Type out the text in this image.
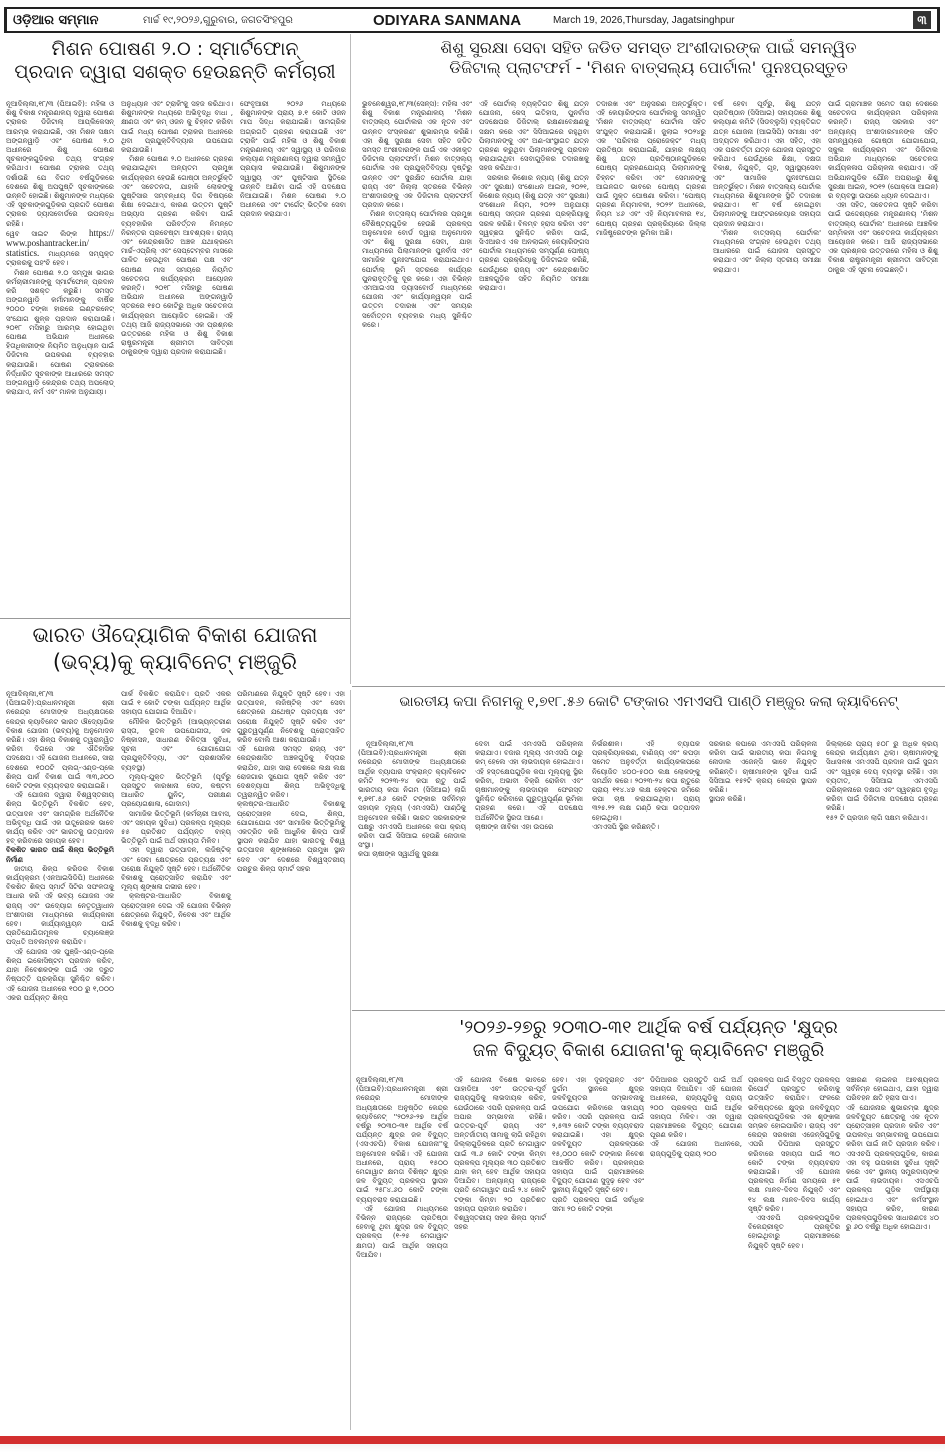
ଓଡ଼ିଆର ସମ୍ମାନ	ମାର୍ଚ୍ଚ ୧୯,୨୦୨୬,ଗୁରୁବାର, ଜଗତସିଂହପୁର	ODIYARA SANMANA	March 19, 2026,Thursday, Jagatsinghpur	୩
ମିଶନ ପୋଷଣ ୨.୦ : ସ୍ମାର୍ଟଫୋନ୍
ପ୍ରଦାନ ଦ୍ୱାରା ସଶକ୍ତ ହେଉଛନ୍ତି କର୍ମଚାରୀ

ନୂଆଦିଲ୍ଲୀ,୧୮/୩ (ପିଆଇବି): ମହିଳା ଓ ଶିଶୁ ବିକାଶ ମନ୍ତ୍ରଣାଳୟ ଦ୍ୱାରା ପୋଷଣ ଟ୍ରାକର ଡିଜିଟାଲ୍ ଆପ୍ଲିକେସନ୍ ଆରମ୍ଭ କରାଯାଇଛି, ଏହା ମିଶନ ସକ୍ଷମ ଅଙ୍ଗନୱାଡ଼ି ଏବଂ ପୋଷଣ ୨.୦ ଅଧୀନରେ ଶିଶୁ ପୋଷଣ ସୂଚକାଙ୍କଗୁଡ଼ିକର ତଥ୍ୟ ସଂଗ୍ରହ କରିଥାଏ। ପୋଷଣ ଟ୍ରାକର ତଥ୍ୟ ଦର୍ଶାଉଛି ଯେ ବିଗତ ବର୍ଷଗୁଡ଼ିକରେ ଦେଶରେ ଶିଶୁ ଅପପୁଷ୍ଟି ସୂଚକାଙ୍କରେ ଉନ୍ନତି ହୋଇଛି। ଶିଶୁମାନଙ୍କ ମଧ୍ୟରେ ଏହି ସୂଚକାଙ୍କଗୁଡ଼ିକର ପ୍ରଗତି ପୋଷଣ ଟ୍ରାକର ଡ୍ୟାସବୋର୍ଡରେ ଉପଲବ୍ଧ ରହିଛି।

ୱେବ ସାଇଟ ଲିଙ୍କ https:// www.poshantracker.in/ statistics. ମାଧ୍ୟମରେ ସମ୍ପୃକ୍ତ ଟ୍ରାକରକୁ ପହଂଚି ହେବ।

ମିଶନ ପୋଷଣ ୨.୦ ସମ୍ମୁଖ ଭାଗର କର୍ମଚାରୀମାନଙ୍କୁ ସ୍ମାର୍ଟଫୋନ୍ ପ୍ରଦାନ କରି ସଶକ୍ତ କରୁଛି। ସମସ୍ତ ଅଙ୍ଗନୱାଡ଼ି କର୍ମୀମାନଙ୍କୁ ବାର୍ଷିକ ୨୦୦୦ ଟଙ୍କା ହାରରେ ଇଣ୍ଟରନେଟ୍ ସଂଯୋଗ ଶୁଳ୍କ ପ୍ରଦାନ କରାଯାଉଛି। ୨୦୧୮ ମସିହାରୁ ଆରମ୍ଭ ହୋଇଥିବା ପୋଷଣ ଅଭିଯାନ ଅଧୀନରେ ହିତାଧିକାରୀଙ୍କ ନିୟମିତ ଅନୁଧ୍ୟାନ ପାଇଁ ଡିଜିଟାଲ ଉପକରଣ ବ୍ୟବହାର କରାଯାଉଛି। ପୋଷଣ ଟ୍ରାକରରେ ନିର୍ଦ୍ଧାରିତ ସୂଚକାଙ୍କ ଆଧାରରେ ସମସ୍ତ ଅଙ୍ଗନୱାଡ଼ି କେନ୍ଦ୍ରର ତଥ୍ୟ ଅପଲୋଡ୍ କରାଯାଏ, ନର୍ମ ଏବଂ ମାନକ ଅନୁଯାୟୀ।

ଅନୁଧ୍ୟାନ ଏବଂ ଟ୍ରାକିଂକୁ ସହଜ କରିଥାଏ। ଶିଶୁମାନଙ୍କ ମଧ୍ୟରେ ଅଭିବୃଦ୍ଧି ବାଧା , କ୍ଷୀଣତା ଏବଂ କମ୍ ଓଜନ କୁ ଚିହ୍ନଟ କରିବା ପାଇଁ ମଧ୍ୟ ପୋଷଣ ଟ୍ରାକର ଅଧୀନରେ ଥିବା ପ୍ରଯୁକ୍ତିବିଦ୍ୟାର ଉପଯୋଗ କରାଯାଉଛି।

ମିଶନ ପୋଷଣ ୨.୦ ଅଧୀନରେ ଗ୍ରହଣ କରାଯାଇଥିବା ଅନ୍ୟତମ ପ୍ରମୁଖ କାର୍ଯ୍ୟକ୍ରମ ହେଉଛି ଗୋଷ୍ଠୀ ଅନ୍ତର୍ଭୁକ୍ତି ଏବଂ ସଚେତନତା, ଯାହାକି ଲୋକଙ୍କୁ ପୁଷ୍ଟିସାର ସମ୍ବନ୍ଧୀୟ ଦିଗ ବିଷୟରେ ଶିକ୍ଷା ଦେଇଥାଏ, କାରଣ ଉତ୍ତମ ପୁଷ୍ଟି ଅଭ୍ୟାସ ଗ୍ରହଣ କରିବା ପାଇଁ ବ୍ୟବହାରିକ ପରିବର୍ତ୍ତନ ନିମନ୍ତେ ନିରନ୍ତର ପ୍ରଚେଷ୍ଟା ଆବଶ୍ୟକ। ରାଜ୍ୟ ଏବଂ କେନ୍ଦ୍ରଶାସିତ ଅଞ୍ଚଳ ଯଥାକ୍ରମେ ମାର୍ଚ୍ଚ-ଏପ୍ରିଲ୍ ଏବଂ ସେପ୍ଟେମ୍ବର ମାସରେ ପାଳିତ ହେଉଥିବା ପୋଷଣ ପକ୍ଷ ଏବଂ ପୋଷଣ ମାସ ସମୟରେ ନିୟମିତ ସଚେତନତା କାର୍ଯ୍ୟକ୍ରମ ଆୟୋଜନ କରନ୍ତି। ୨୦୧୮ ମସିହାରୁ ପୋଷଣ ଅଭିଯାନ ଅଧୀନରେ ଅଙ୍ଗନୱାଡ଼ି ସ୍ତରରେ ୧୫୦ କୋଟିରୁ ଅଧିକ ସଚେତନତା କାର୍ଯ୍ୟକ୍ରମ ଆୟୋଜିତ ହୋଇଛି। ଏହି ତଥ୍ୟ ଆଜି ରାଜ୍ୟସଭାରେ ଏକ ପ୍ରଶ୍ନର ଉତ୍ତରରେ ମହିଳା ଓ ଶିଶୁ ବିକାଶ ରାଷ୍ଟ୍ରମନ୍ତ୍ରୀ ଶ୍ରୀମତୀ ସାବିତ୍ରୀ ଠାକୁରଙ୍କ ଦ୍ୱାରା ପ୍ରଦାନ କରାଯାଇଛି।

ଫେବୃଆରୀ ୨୦୨୬ ମଧ୍ୟରେ ଶିଶୁମାନଙ୍କ ପ୍ରାୟ ୭.୧ କୋଟି ଓଜନ ମାପ ସିଦ୍ଧ କରାଯାଇଛି। ସାମଗ୍ରିକ ଅଗ୍ରଗତି ଗ୍ରହଣ କରାଯାଇଛି ଏବଂ ଟ୍ରାକିଂ ପାଇଁ ମହିଳା ଓ ଶିଶୁ ବିକାଶ ମନ୍ତ୍ରଣାଳୟ ଏବଂ ସ୍ୱାସ୍ଥ୍ୟ ଓ ପରିବାର କଲ୍ୟାଣ ମନ୍ତ୍ରଣାଳୟ ଦ୍ୱାରା ସମନ୍ୱିତ ପ୍ରୟାସ କରାଯାଉଛି। ଶିଶୁମାନଙ୍କ ସ୍ୱାସ୍ଥ୍ୟ ଏବଂ ପୁଷ୍ଟିସାର ସ୍ଥିତିରେ ଉନ୍ନତି ଆଣିବା ପାଇଁ ଏହି ପଦକ୍ଷେପ ନିଆଯାଇଛି। ମିଶନ ପୋଷଣ ୨.୦ ଅଧୀନରେ ଏବଂ ଟାର୍ଗେଟ୍ ଭିତ୍ତିକ ସେବା ପ୍ରଦାନ କରାଯାଏ।

ଶିଶୁ ସୁରକ୍ଷା ସେବା ସହିତ ଜଡିତ ସମସ୍ତ ଅଂଶୀଦାରଙ୍କ ପାଇଁ ସମନ୍ୱିତ
ଡିଜିଟାଲ୍ ପ୍ଲାଟଫର୍ମ - 'ମିଶନ ବାତ୍ସଲ୍ୟ ପୋର୍ଟାଲ' ପୁନଃପ୍ରସ୍ତୁତ

ଭୁବନେଶ୍ୱର,୧୮/୩(ସେନ୍ସ): ମହିଳା ଏବଂ ଶିଶୁ ବିକାଶ ମନ୍ତ୍ରଣାଳୟ 'ମିଶନ ବାତ୍ସଲ୍ୟ ପୋର୍ଟାଲର ଏକ ନୂତନ ଏବଂ ଉନ୍ନତ ସଂସ୍କରଣ' ଶୁଭାରମ୍ଭ କରିଛି। ଏହା ଶିଶୁ ସୁରକ୍ଷା ସେବା ସହିତ ଜଡିତ ସମସ୍ତ ଅଂଶୀଦାରଙ୍କ ପାଇଁ ଏକ ଏକୀକୃତ ଡିଜିଟାଲ ପ୍ଲାଟଫର୍ମ। ମିଶନ ବାତ୍ସଲ୍ୟ ପୋର୍ଟାଲ ଏକ ପ୍ରଯୁକ୍ତିବିଦ୍ୟା ଦୃଷ୍ଟିରୁ ଉନ୍ନତ ଏବଂ ସୁରକ୍ଷିତ ପୋର୍ଟାଲ ଯାହା ରାଜ୍ୟ ଏବଂ ଜିଲ୍ଲା ସ୍ତରରେ ବିଭିନ୍ନ ଅଂଶୀଦାରଙ୍କୁ ଏକ ଡିଜିଟାଲ ପ୍ଲାଟଫର୍ମ ପ୍ରଦାନ କରେ।

ମିଶନ ବାତ୍ସଲ୍ୟ ପୋର୍ଟାଲର ପ୍ରମୁଖ ବୈଶିଷ୍ଟ୍ୟଗୁଡ଼ିକ ହେଉଛି ପ୍ରକଳ୍ପ ଅନୁମୋଦନ ବୋର୍ଡ ଦ୍ୱାରା ଅନୁମୋଦନ ଏବଂ ଶିଶୁ ସୁରକ୍ଷା ସେବା, ଯାହା ମାଧ୍ୟମରେ ପିଲାମାନଙ୍କ ପୁନର୍ବାସ ଏବଂ ସାମାଜିକ ପୁନଃସଂଯୋଗ କରାଯାଇଥାଏ। ପୋର୍ଟାଲ୍ ଭୂମି ସ୍ତରରେ କାର୍ଯ୍ୟର ପୁନରାବୃତ୍ତିକୁ ଦୂର କରେ। ଏହା ବିଭିନ୍ନ ଏମଆଇଏସ ଡ୍ୟାସବୋର୍ଡ ମାଧ୍ୟମରେ ଯୋଜନା ଏବଂ କାର୍ଯ୍ୟାନ୍ୱୟନ ପାଇଁ ଉତ୍ତମ ତଦାରଖ ଏବଂ ସମୟର ସର୍ବୋତ୍ତମ ବ୍ୟବହାର ମଧ୍ୟ ସୁନିଶ୍ଚିତ କରେ।

ଏହି ପୋର୍ଟାଲ୍ ବ୍ୟକ୍ତିଗତ ଶିଶୁ ଯତ୍ନ ଯୋଜନା, କେସ୍ ଇତିହାସ, ପୁନର୍ବାସ ପଦକ୍ଷେପର ଡିଜିଟାଲ୍ ରକ୍ଷଣାବେକ୍ଷଣକୁ ସକ୍ଷମ କରେ ଏବଂ ସିସିଆଇରେ ରହୁଥିବା ପିଲାମାନଙ୍କୁ ଏବଂ ଅଣ-ସାଂସ୍ଥାଗତ ଯତ୍ନ ଗ୍ରହଣ କରୁଥିବା ପିଲାମାନଙ୍କୁ ପ୍ରଦାନ କରାଯାଇଥିବା ସେବାଗୁଡ଼ିକର ତଦାରଖକୁ ସହଜ କରିଥାଏ।

ସରକାର କିଶୋର ନ୍ୟାୟ (ଶିଶୁ ଯତ୍ନ ଏବଂ ସୁରକ୍ଷା) ସଂଶୋଧନ ଆଇନ, ୨୦୨୧, କିଶୋର ନ୍ୟାୟ (ଶିଶୁ ଯତ୍ନ ଏବଂ ସୁରକ୍ଷା) ସଂଶୋଧନ ନିୟମ, ୨୦୨୨ ଅନୁଯାୟୀ ପୋଷ୍ୟ ସନ୍ତାନ ଗ୍ରହଣ ପ୍ରକ୍ରିୟାକୁ ସରଳ କରିଛି। ବିଳମ୍ବ ହ୍ରାସ କରିବା ଏବଂ ସ୍ୱଚ୍ଛତା ସୁନିଶ୍ଚିତ କରିବା ପାଇଁ, ସିଏଆରଏ ଏକ ଅନଲାଇନ୍ କେୟାରିଙ୍ଗସ ପୋର୍ଟାଲ ମାଧ୍ୟମରେ ସମ୍ପୂର୍ଣ୍ଣ ପୋଷ୍ୟ ଗ୍ରହଣ ପ୍ରକ୍ରିୟାକୁ ଡିଜିଟାଇଜ କରିଛି, ଯେଉଁଥିରେ ରାଜ୍ୟ ଏବଂ କେନ୍ଦ୍ରଶାସିତ ଅଞ୍ଚଳଗୁଡ଼ିକ ସହିତ ନିୟମିତ ସମୀକ୍ଷା କରାଯାଏ।

ତଦାରଖ ଏବଂ ଅନୁସରଣ ଅନ୍ତର୍ଭୁକ୍ତ। ଏହି କେୟାରିଙ୍ଗସ ପୋର୍ଟାଲକୁ ସମନ୍ୱିତ 'ମିଶନ ବାତ୍ସଲ୍ୟ' ପୋର୍ଟାଲ ସହିତ ସଂଯୁକ୍ତ କରାଯାଇଛି। ଜୁଲାଇ ୨୦୨୪ରୁ ଏକ 'ପରିବାର ପ୍ରୋଜେକ୍ଟ' ମଧ୍ୟ ପ୍ରତିଷ୍ଠା କରାଯାଇଛି, ଯାହାର ଲକ୍ଷ୍ୟ ଶିଶୁ ଯତ୍ନ ପ୍ରତିଷ୍ଠାନଗୁଡ଼ିକରେ ପୋଷ୍ୟ ଗ୍ରହଣଯୋଗ୍ୟ ପିଲାମାନଙ୍କୁ ଚିହ୍ନଟ କରିବା ଏବଂ ସେମାନଙ୍କୁ ଆଇନଗତ ଭାବରେ ପୋଷ୍ୟ ଗ୍ରହଣ ପାଇଁ ମୁକ୍ତ ଘୋଷଣା କରିବା। 'ପୋଷ୍ୟ ଗ୍ରହଣ ନିୟମାବଳୀ, ୨୦୨୨' ଅଧୀନରେ, ନିୟମ ୪୬ ଏବଂ ଏହି ନିୟମାବଳୀର ୧୪, ପୋଷ୍ୟ ଗ୍ରହଣ ପ୍ରକ୍ରିୟାରେ ଜିଲ୍ଲା ମାଜିଷ୍ଟ୍ରେଟଙ୍କ ଭୂମିକା ଅଛି।

ବର୍ଷ ହେବା ପୂର୍ବରୁ, ଶିଶୁ ଯତ୍ନ ପ୍ରତିଷ୍ଠାନ (ସିସିଆଇ) ସହାୟତାରେ ଶିଶୁ କଲ୍ୟାଣ କମିଟି (ସିଡବ୍ଲୁସି) ବ୍ୟକ୍ତିଗତ ଯତ୍ନ ଯୋଜନା (ଆଇସିପି) ସମୀକ୍ଷା ଏବଂ ଅଦ୍ୟତନ କରିଥାଏ। ଏହା ସହିତ, ଏହା ଏକ ପରବର୍ତ୍ତୀ ଯତ୍ନ ଯୋଜନା ପ୍ରସ୍ତୁତ କରିଥାଏ ଯେଉଁଥିରେ ଶିକ୍ଷା, ଦକ୍ଷତା ବିକାଶ, ନିଯୁକ୍ତି, ଗୃହ, ସ୍ୱାସ୍ଥ୍ୟସେବା ଏବଂ ସାମାଜିକ ପୁନଃସଂଯୋଗ ଅନ୍ତର୍ଭୁକ୍ତ। ମିଶନ ବାତ୍ସଲ୍ୟ ପୋର୍ଟାଲ ମାଧ୍ୟମରେ ଶିଶୁମାନଙ୍କ ସ୍ଥିତି ତଦାରଖ କରାଯାଏ। ୧୮ ବର୍ଷ ହୋଇଥିବା ପିଲାମାନଙ୍କୁ ଆଫ୍ଟରକେୟାର ସହାୟତା ପ୍ରଦାନ କରାଯାଏ।

'ମିଶନ ବାତ୍ସଲ୍ୟ ପୋର୍ଟାଲ' ମାଧ୍ୟମରେ ସଂଗ୍ରହ ହେଉଥିବା ତଥ୍ୟ ଆଧାରରେ ପାଇଁ ଯୋଜନା ପ୍ରସ୍ତୁତ କରାଯାଏ ଏବଂ ଜିଲ୍ଲା ସ୍ତରୀୟ ସମୀକ୍ଷା କରାଯାଏ।

ପାଇଁ ଗ୍ରାମାଞ୍ଚଳ ସମେତ ସାରା ଦେଶରେ ସଚେତନତା କାର୍ଯ୍ୟକ୍ରମ ପରିଚାଳନା କରନ୍ତି। ରାଜ୍ୟ ସରକାର ଏବଂ ଅନ୍ୟାନ୍ୟ ଅଂଶୀଦାରମାନଙ୍କ ସହିତ ସମନ୍ୱୟରେ ଗୋଷ୍ଠୀ ଯୋଗାଯୋଗ, ସ୍କୁଲ କାର୍ଯ୍ୟକ୍ରମ ଏବଂ ଡିଜିଟାଲ ଅଭିଯାନ ମାଧ୍ୟମରେ ସଚେତନତା କାର୍ଯ୍ୟକଳାପ ପରିଚାଳନା କରାଯାଏ। ଏହି ଅଭିଯାନଗୁଡ଼ିକ ଯୌନ ଅପରାଧରୁ ଶିଶୁ ସୁରକ୍ଷା ଆଇନ, ୨୦୧୨ (ପୋକ୍ସୋ ଆଇନ) ର ବ୍ୟବସ୍ଥା ଉପରେ ଧ୍ୟାନ ଦେଇଥାଏ।

ଏହା ସହିତ, ସଚେତନତା ସୃଷ୍ଟି କରିବା ପାଇଁ ଉଦ୍ଦେଶ୍ୟରେ ମନ୍ତ୍ରଣାଳୟ 'ମିଶନ ବାତ୍ସଲ୍ୟ ପୋର୍ଟାଲ' ଅଧୀନରେ ଆଞ୍ଚଳିକ ସମ୍ମିଳନୀ ଏବଂ ସଚେତନତା କାର୍ଯ୍ୟକ୍ରମ ଆୟୋଜନ କରେ। ଆଜି ରାଜ୍ୟସଭାରେ ଏକ ପ୍ରଶ୍ନର ଉତ୍ତରରେ ମହିଳା ଓ ଶିଶୁ ବିକାଶ ରାଷ୍ଟ୍ରମନ୍ତ୍ରୀ ଶ୍ରୀମତୀ ସାବିତ୍ରୀ ଠାକୁର ଏହି ସୂଚନା ଦେଇଛନ୍ତି।

ଭାରତ ଔଦ୍ୟୋଗିକ ବିକାଶ ଯୋଜନା
(ଭବ୍ୟ)କୁ କ୍ୟାବିନେଟ୍ ମଞ୍ଜୁରି

ନୂଆଦିଲ୍ଲୀ,୧୮/୩ (ପିଆଇବି):ପ୍ରଧାନମନ୍ତ୍ରୀ ଶ୍ରୀ ନରେନ୍ଦ୍ର ମୋଦୀଙ୍କ ଅଧ୍ୟକ୍ଷତାରେ କେନ୍ଦ୍ର କ୍ୟାବିନେଟ ଭାରତ ଔଦ୍ୟୋଗିକ ବିକାଶ ଯୋଜନା (ଭବ୍ୟ)କୁ ଅନୁମୋଦନ କରିଛି। ଏହା ଶିଳ୍ପ ବିକାଶକୁ ତ୍ୱରାନ୍ୱିତ କରିବା ଦିଗରେ ଏକ ଐତିହାସିକ ପଦକ୍ଷେପ। ଏହି ଯୋଜନା ଅଧୀନରେ, ସାରା ଦେଶରେ ୧୦୦ଟି ପ୍ଲଗ୍-ଏଣ୍ଡ-ପ୍ଲେ ଶିଳ୍ପ ପାର୍କ ବିକାଶ ପାଇଁ ୩୩,୬୦୦ କୋଟି ଟଙ୍କା ବ୍ୟୟବରାଦ କରାଯାଇଛି।

ଏହି ଯୋଜନା ଦ୍ୱାରା ବିଶ୍ୱସ୍ତରୀୟ ଶିଳ୍ପ ଭିତ୍ତିଭୂମି ବିକଶିତ ହେବ, ଉତ୍ପାଦନ ଏବଂ ସାମଗ୍ରିକ ଅର୍ଥନୈତିକ ଅଭିବୃଦ୍ଧି ପାଇଁ ଏକ ଉତ୍ପ୍ରେରକ ଭାବେ କାର୍ଯ୍ୟ କରିବ ଏବଂ ଭାରତକୁ ଉତ୍ପାଦନ ହବ୍ କରିବାରେ ସହାୟକ ହେବ।

ବିକଶିତ ଭାରତ ପାଇଁ ଶିଳ୍ପ ଭିତ୍ତିଭୂମି ନିର୍ମାଣ

ଜାତୀୟ ଶିଳ୍ପ କରିଡର ବିକାଶ କାର୍ଯ୍ୟକ୍ରମ (ଏନଆଇସିଡିପି) ଅଧୀନରେ ବିକଶିତ ଶିଳ୍ପ ସ୍ମାର୍ଟ ସିଟିର ସଫଳତାକୁ ଆଧାର କରି ଏହି ଭବ୍ୟ ଯୋଜନା ଏକ ରାଜ୍ୟ ଏବଂ ଉଦ୍ୟୋଗ ନେତୃତ୍ୱାଧୀନ ଅଂଶୀଦାରୀ ମାଧ୍ୟମରେ କାର୍ଯ୍ୟକାରୀ ହେବ। କାର୍ଯ୍ୟାନ୍ୱୟନ ପାଇଁ ପ୍ରତିଯୋଗିତାମୂଳକ ଚ୍ୟାଲେଞ୍ଜ ପଦ୍ଧତି ଅବଲମ୍ବନ କରାଯିବ।

ଏହି ଯୋଜନା ଏକ ପୁଞ୍ଜି-ଏଣ୍ଡ-ପ୍ଲେ ଶିଳ୍ପ ଇକୋସିଷ୍ଟମ ପ୍ରଦାନ କରିବ, ଯାହା ନିବେଶକଙ୍କ ପାଇଁ ଏକ ଦ୍ରୁତ ନିଷ୍ପତ୍ତି ପ୍ରକ୍ରିୟା ସୁନିଶ୍ଚିତ କରିବ। ଏହି ଯୋଜନା ଅଧୀନରେ ୧୦୦ ରୁ ୧,୦୦୦ ଏକର ପର୍ଯ୍ୟନ୍ତ ଶିଳ୍ପ

ପାର୍କ ବିକଶିତ କରାଯିବ। ପ୍ରତି ଏକର ପାଇଁ ୧ କୋଟି ଟଙ୍କା ପର୍ଯ୍ୟନ୍ତ ଆର୍ଥିକ ସହାୟତା ଯୋଗାଇ ଦିଆଯିବ।

ମୌଳିକ ଭିତ୍ତିଭୂମି (ଆଭ୍ୟନ୍ତରୀଣ ରାସ୍ତା, ଭୂତଳ ଉପଯୋଗୀତା, ଜଳ ନିଷ୍କାସନ, ସାଧାରଣ ଚିକିତ୍ସା ସୁବିଧା, ସୂଚନା ଏବଂ ଯୋଗାଯୋଗ ପ୍ରଯୁକ୍ତିବିଦ୍ୟା, ଏବଂ ପ୍ରଶାସନିକ ବ୍ୟବସ୍ଥା)

ମୂଲ୍ୟ-ଯୁକ୍ତ ଭିତ୍ତିଭୂମି (ପୂର୍ବରୁ ପ୍ରସ୍ତୁତ କାରଖାନା ସେଡ, କଷ୍ଟମ ଆଧାରିତ ୟୁନିଟ୍, ପରୀକ୍ଷଣ ପ୍ରୟୋଗଶାଳା, ଗୋଦାମ)

ସାମାଜିକ ଭିତ୍ତିଭୂମି (କର୍ମଚାରୀ ଆବାସ, ଏବଂ ସହାୟକ ସୁବିଧା) ପ୍ରକଳ୍ପ ମୂଲ୍ୟର ୫୫ ପ୍ରତିଶତ ପର୍ଯ୍ୟନ୍ତ ବାହ୍ୟ ଭିତ୍ତିଭୂମି ପାଇଁ ଅର୍ଥ ସହାୟତା ମିଳିବ।

ଏହା ଦ୍ୱାରା ଉତ୍ପାଦନ, ଲଜିଷ୍ଟିକ୍ ଏବଂ ସେବା କ୍ଷେତ୍ରରେ ପ୍ରତ୍ୟକ୍ଷ ଏବଂ ପରୋକ୍ଷ ନିଯୁକ୍ତି ସୃଷ୍ଟି ହେବ। ଅର୍ଥନୈତିକ ବିକାଶକୁ ପ୍ରୋତ୍ସାହିତ କରାଯିବ ଏବଂ ମୂଲ୍ୟ ଶୃଙ୍ଖଳା ଗଭୀର ହେବ।

କ୍ଲଷ୍ଟର-ଆଧାରିତ ବିକାଶକୁ ପ୍ରୋତ୍ସାହନ ଦେଇ ଏହି ଯୋଜନା ବିଭିନ୍ନ କ୍ଷେତ୍ରରେ ନିଯୁକ୍ତି, ନିବେଶ ଏବଂ ଆର୍ଥିକ ବିକାଶକୁ ବୃଦ୍ଧି କରିବ।

ପରିମାଣରେ ନିଯୁକ୍ତି ସୃଷ୍ଟି ହେବ। ଏହା ଉତ୍ପାଦନ, ଲଜିଷ୍ଟିକ୍ ଏବଂ ସେବା କ୍ଷେତ୍ରରେ ଯଥେଷ୍ଟ ପ୍ରତ୍ୟକ୍ଷ ଏବଂ ପରୋକ୍ଷ ନିଯୁକ୍ତି ସୃଷ୍ଟି କରିବ ଏବଂ ଗୁରୁତ୍ୱପୂର୍ଣ୍ଣ ନିବେଶକୁ ପ୍ରୋତ୍ସାହିତ କରିବ ବୋଲି ଆଶା କରାଯାଉଛି।

ଏହି ଯୋଜନା ସମସ୍ତ ରାଜ୍ୟ ଏବଂ କେନ୍ଦ୍ରଶାସିତ ଅଞ୍ଚଳଗୁଡ଼ିକୁ ବିସ୍ତାର କରାଯିବ, ଯାହା ସାରା ଦେଶରେ ଲକ୍ଷ ଲକ୍ଷ ରୋଜଗାର ସୁଯୋଗ ସୃଷ୍ଟି କରିବ ଏବଂ ଦେଶବ୍ୟାପୀ ଶିଳ୍ପ ଅଭିବୃଦ୍ଧିକୁ ତ୍ୱରାନ୍ୱିତ କରିବ।

କ୍ଲଷ୍ଟର-ଆଧାରିତ ବିକାଶକୁ ପ୍ରୋତ୍ସାହନ ଦେଇ, ଶିଳ୍ପ, ଯୋଗାଯୋଗ ଏବଂ ସାମାଜିକ ଭିତ୍ତିଭୂମିକୁ ଏକତ୍ରିତ କରି ଆଧୁନିକ ଶିଳ୍ପ ପାର୍କ ସ୍ଥାପନ କରାଯିବ ଯାହା ଭାରତକୁ ବିଶ୍ୱ ଉତ୍ପାଦନ ଶୃଙ୍ଖଳାରେ ପ୍ରମୁଖ ସ୍ଥାନ ଦେବ ଏବଂ ଦେଶରେ ବିଶ୍ୱସ୍ତରୀୟ ପରଚୁର ଶିଳ୍ପ ସ୍ମାର୍ଟ ସହର

ଭାରତୀୟ କପା ନିଗମକୁ ୧,୭୧୮.୫୬ କୋଟି ଟଙ୍କାର ଏମଏସପି ପାଣ୍ଠି ମଞ୍ଜୁର କଲା କ୍ୟାବିନେଟ୍

ନୂଆଦିଲ୍ଲୀ,୧୮/୩ (ପିଆଇବି):ପ୍ରଧାନମନ୍ତ୍ରୀ ଶ୍ରୀ ନରେନ୍ଦ୍ର ମୋଦୀଙ୍କ ଅଧ୍ୟକ୍ଷତାରେ ଆର୍ଥିକ ବ୍ୟାପାର ସଂକ୍ରାନ୍ତ କ୍ୟାବିନେଟ କମିଟି ୨୦୨୩-୨୪ କପା ଋତୁ ପାଇଁ ଭାରତୀୟ କପା ନିଗମ (ସିସିଆଇ) ଲାଗି ୧,୭୧୮.୫୬ କୋଟି ଟଙ୍କାର ସର୍ବନିମ୍ନ ସହାୟକ ମୂଲ୍ୟ (ଏମଏସପି) ପାଣ୍ଠିକୁ ଅନୁମୋଦନ କରିଛି। ଭାରତ ସରକାରଙ୍କ ପକ୍ଷରୁ ଏମଏସପି ଅଧୀନରେ କପା କ୍ରୟ କରିବା ପାଇଁ ସିସିଆଇ ହେଉଛି ନୋଡାଲ ସଂସ୍ଥା।

କପା ଚାଷୀଙ୍କ ସ୍ୱାର୍ଥକୁ ସୁରକ୍ଷା

ଦେବା ପାଇଁ ଏମଏସପି ପରିଚାଳନା କରାଯାଏ। ବଜାର ମୂଲ୍ୟ ଏମଏସପି ଠାରୁ କମ୍ ହେଲେ ଏହା ଲାଭଦାୟକ ହୋଇଥାଏ। ଏହି ହସ୍ତକ୍ଷେପଗୁଡ଼ିକ କପା ମୂଲ୍ୟକୁ ସ୍ଥିର କରିବା, ଅଭାବୀ ବିକ୍ରି ରୋକିବା ଏବଂ ଚାଷୀମାନଙ୍କୁ ଲାଭଦାୟକ ଫେରସ୍ତ ସୁନିଶ୍ଚିତ କରିବାରେ ଗୁରୁତ୍ୱପୂର୍ଣ୍ଣ ଭୂମିକା ଗ୍ରହଣ କରେ। ଏହି ପଦକ୍ଷେପ ଅର୍ଥନୈତିକ ସ୍ଥିରତା ଆଣେ।

ଚାଷୀଙ୍କ ଜୀବିକା ଏହା ଉପରେ

ନିର୍ଭରଶୀଳ। ଏହି ବ୍ୟାପକ ପ୍ରକ୍ରିୟାକରଣ, ବାଣିଜ୍ୟ ଏବଂ କପଡ଼ା ସମେତ ଅନୁବର୍ତ୍ତୀ କାର୍ଯ୍ୟକଳାପରେ ନିୟୋଜିତ ୪୦୦-୫୦୦ ଲକ୍ଷ ଲୋକଙ୍କୁ ସମର୍ଥନ କରେ। ୨୦୨୩-୨୪ କପା ଋତୁରେ ପ୍ରାୟ ୧୧୪.୪୭ ଲକ୍ଷ ହେକ୍ଟର ଜମିରେ କପା ଚାଷ କରାଯାଇଥିଲା। ପ୍ରାୟ ୩୨୫.୨୨ ଲକ୍ଷ ଗଣ୍ଠି କପା ଉତ୍ପାଦନ ହୋଇଥିଲା।

ଏମଏସପି ସ୍ଥିର କରିଛନ୍ତି।

ସରକାର କପାରେ ଏମଏସପି ପରିଚାଳନା କରିବା ପାଇଁ ଭାରତୀୟ କପା ନିଗମକୁ ନୋଡାଲ ଏଜେନ୍ସି ଭାବେ ନିଯୁକ୍ତ କରିଛନ୍ତି। ଚାଷୀମାନଙ୍କ ସୁବିଧା ପାଇଁ ସିସିଆଇ ୧୫୨ଟି କ୍ରୟ କେନ୍ଦ୍ର ସ୍ଥାପନ କରିଛି।

ସ୍ଥାପନ କରିଛି।

ଜିଲ୍ଲାରେ ପ୍ରାୟ ୫୦୮ ରୁ ଅଧିକ କ୍ରୟ କେନ୍ଦ୍ର କାର୍ଯ୍ୟକ୍ଷମ ଥିଲା। ଚାଷୀମାନଙ୍କୁ ସିଧାସଳଖ ଏମଏସପି ପ୍ରଦାନ ପାଇଁ ସୁଗମ ଏବଂ ସ୍ୱଚ୍ଛ ଦେୟ ବ୍ୟବସ୍ଥା ରହିଛି। ଏହା ବ୍ୟତୀତ, ସିସିଆଇ ଏମଏସପି ପରିଚାଳନାରେ ଦକ୍ଷତା ଏବଂ ସ୍ୱଚ୍ଛତା ବୃଦ୍ଧି କରିବା ପାଇଁ ଡିଜିଟାଲ ପଦକ୍ଷେପ ଗ୍ରହଣ କରିଛି।

୧୫୨ ଟି ପ୍ରଦାନ ଲାଗି ସକ୍ଷମ କରିଥାଏ।

'୨୦୨୬-୨୭ରୁ ୨୦୩୦-୩୧ ଆର୍ଥିକ ବର୍ଷ ପର୍ଯ୍ୟନ୍ତ 'କ୍ଷୁଦ୍ର
ଜଳ ବିଦ୍ୟୁତ୍ ବିକାଶ ଯୋଜନା'କୁ କ୍ୟାବିନେଟ ମଞ୍ଜୁରି

ନୂଆଦିଲ୍ଲୀ,୧୮/୩ (ପିଆଇବି):ପ୍ରଧାନମନ୍ତ୍ରୀ ଶ୍ରୀ ନରେନ୍ଦ୍ର ମୋଦୀଙ୍କ ଅଧ୍ୟକ୍ଷତାରେ ଅନୁଷ୍ଠିତ କେନ୍ଦ୍ର କ୍ୟାବିନେଟ୍ ''୨୦୨୬-୨୭ ଆର୍ଥିକ ବର୍ଷରୁ ୨୦୩୦-୩୧ ଆର୍ଥିକ ବର୍ଷ ପର୍ଯ୍ୟନ୍ତ କ୍ଷୁଦ୍ର ଜଳ ବିଦ୍ୟୁତ୍ (ଏସଏଚପି) ବିକାଶ ଯୋଜନା''କୁ ଅନୁମୋଦନ କରିଛି। ଏହି ଯୋଜନା ଅଧୀନରେ, ପ୍ରାୟ ୧୫୦୦ ମେଗାୱାଟ କ୍ଷମତା ବିଶିଷ୍ଟ କ୍ଷୁଦ୍ର ଜଳ ବିଦ୍ୟୁତ୍ ପ୍ରକଳ୍ପ ସ୍ଥାପନ ପାଇଁ ୨୫୮୪.୬୦ କୋଟି ଟଙ୍କା ବ୍ୟୟବରାଦ କରାଯାଇଛି।

ଏହି ଯୋଜନା ମାଧ୍ୟମରେ ବିଭିନ୍ନ ରାଜ୍ୟରେ ପ୍ରତିଷ୍ଠା ହେବାକୁ ଥିବା କ୍ଷୁଦ୍ର ଜଳ ବିଦ୍ୟୁତ୍ ପ୍ରକଳ୍ପ (୧-୨୫ ମେଗାୱାଟ କ୍ଷମତା) ପାଇଁ ଆର୍ଥିକ ସହାୟତା ଦିଆଯିବ।

ଏହି ଯୋଜନା ବିଶେଷ ଭାବରେ ପାହାଡିଆ ଏବଂ ଉତ୍ତର-ପୂର୍ବ ରାଜ୍ୟଗୁଡ଼ିକୁ ଲାଭଦାୟକ କରିବ, ଯେଉଁଠାରେ ଏପରି ପ୍ରକଳ୍ପ ପାଇଁ ଅପାର ସମ୍ଭାବନା ରହିଛି। ଉତ୍ତର-ପୂର୍ବ ରାଜ୍ୟ ଏବଂ ଅନ୍ତର୍ଜାତୀୟ ସୀମାକୁ ଲାଗି ରହିଥିବା ଜିଲ୍ଲାଗୁଡ଼ିକରେ ପ୍ରତି ମେଗାୱାଟ ପାଇଁ ୩.୬ କୋଟି ଟଙ୍କା କିମ୍ବା ପ୍ରକଳ୍ପ ମୂଲ୍ୟର ୩୦ ପ୍ରତିଶତ ଯାହା କମ୍ ହେବ ଆର୍ଥିକ ସହାୟତା ଦିଆଯିବ। ଅନ୍ୟାନ୍ୟ ରାଜ୍ୟରେ ପ୍ରତି ମେଗାୱାଟ ପାଇଁ ୨.୪ କୋଟି ଟଙ୍କା କିମ୍ବା ୨୦ ପ୍ରତିଶତ ସହାୟତା ପ୍ରଦାନ କରାଯିବ।

ବିଶ୍ୱସ୍ତରୀୟ ସହଜ ଶିଳ୍ପ ସ୍ମାର୍ଟ ସହର

ହେବ। ଏହା ଦୂରଦୂରାନ୍ତ ଏବଂ ଦୁର୍ଗମ ସ୍ଥାନରେ କ୍ଷୁଦ୍ର ଜଳବିଦ୍ୟୁତର ସମ୍ଭାବନାକୁ ଉପଯୋଗ କରିବାରେ ସାହାଯ୍ୟ କରିବ। ଏପରି ପ୍ରକଳ୍ପ ପାଇଁ ୨,୫୩୨ କୋଟି ଟଙ୍କା ବ୍ୟୟବରାଦ କରାଯାଇଛି। ଏହା କ୍ଷୁଦ୍ର ଜଳବିଦ୍ୟୁତ ପ୍ରକଳ୍ପରେ ୧୫,୦୦୦ କୋଟି ଟଙ୍କାର ନିବେଶ ଆକର୍ଷିତ କରିବ। ପ୍ରକଳ୍ପର ସହାୟତା ପାଇଁ ଗ୍ରାମାଞ୍ଚଳରେ ବିଦ୍ୟୁତ୍ ଯୋଗାଣ ସୁଦୃଢ଼ ହେବ ଏବଂ ସ୍ଥାନୀୟ ନିଯୁକ୍ତି ସୃଷ୍ଟି ହେବ।

ପ୍ରତି ପ୍ରକଳ୍ପ ପାଇଁ ସର୍ବାଧିକ ସୀମା ୨୦ କୋଟି ଟଙ୍କା

ଡିପିଆରର ପ୍ରସ୍ତୁତି ପାଇଁ ଅର୍ଥ ସହାୟତା ଦିଆଯିବ। ଏହି ଯୋଜନା ଅଧୀନରେ, ରାଜ୍ୟଗୁଡ଼ିକୁ ପ୍ରାୟ ୨୦୦ ପ୍ରକଳ୍ପ ପାଇଁ ଆର୍ଥିକ ସହାୟତା ମିଳିବ। ଏହା ଦ୍ୱାରା ଗ୍ରାମାଞ୍ଚଳରେ ବିଦ୍ୟୁତ୍ ଯୋଗାଣ ପୂରଣ କରିବ।

ଏହି ଯୋଜନା ଅଧୀନରେ, ରାଜ୍ୟଗୁଡ଼ିକୁ ପ୍ରାୟ ୨୦୦

ପ୍ରକଳ୍ପ ପାଇଁ ବିସ୍ତୃତ ପ୍ରକଳ୍ପ ରିପୋର୍ଟ ପ୍ରସ୍ତୁତ କରିବାକୁ ଉତ୍ସାହିତ କରାଯିବ। ଫଳରେ ଭବିଷ୍ୟତରେ କ୍ଷୁଦ୍ର ଜଳବିଦ୍ୟୁତ ପ୍ରକଳ୍ପଗୁଡ଼ିକର ଏକ ଶୃଙ୍ଖଳା ସମ୍ଭବ ହୋଇପାରିବ। ରାଜ୍ୟ ଏବଂ କେନ୍ଦ୍ର ସରକାରୀ ଏଜେନ୍ସିଗୁଡ଼ିକୁ ଏପରି ଡିପିଆର ପ୍ରସ୍ତୁତ କରିବାରେ ସହାୟତା ପାଇଁ ୩୦ କୋଟି ଟଙ୍କା ବ୍ୟୟବରାଦ କରାଯାଇଛି। ଏହି ଯୋଜନା ପ୍ରକଳ୍ପ ନିର୍ମାଣ ସମୟରେ ୫୧ ଲକ୍ଷ ମାନବ-ଦିବସ ନିଯୁକ୍ତି ଏବଂ ୧୪ ଲକ୍ଷ ମାନବ-ଦିବସ କାର୍ଯ୍ୟ ସୃଷ୍ଟି କରିବ।

ଏସଏଚପି ପ୍ରକଳ୍ପଗୁଡ଼ିକ ବିକେନ୍ଦ୍ରୀକୃତ ପ୍ରକୃତିର ହୋଇଥିବାରୁ ଗ୍ରାମାଞ୍ଚଳରେ ନିଯୁକ୍ତି ସୃଷ୍ଟି ହେବ।

ସଞ୍ଚାରଣ ଲାଇନର ଆବଶ୍ୟକତା ସର୍ବନିମ୍ନ ହୋଇଥାଏ, ଯାହା ଦ୍ୱାରା ପରିବହନ କ୍ଷତି ହ୍ରାସ ପାଏ।

ଏହି ଯୋଜନାର ଶୁଭାରମ୍ଭ କ୍ଷୁଦ୍ର ଜଳବିଦ୍ୟୁତ କ୍ଷେତ୍ରକୁ ଏକ ନୂତନ ପ୍ରୋତ୍ସାହନ ପ୍ରଦାନ କରିବ ଏବଂ ଉପଲବ୍ଧ ସମ୍ଭାବନାକୁ ଉପଯୋଗ କରିବା ପାଇଁ ନୀତି ପ୍ରଦାନ କରିବ। ଏସଏଚପି ପ୍ରକଳ୍ପଗୁଡ଼ିକ, କାରଣ ଏହା ବହୁ ଉପକାରୀ ସୁବିଧା ସୃଷ୍ଟି କରେ ଏବଂ ସ୍ଥାନୀୟ ସମ୍ପ୍ରଦାୟଙ୍କ ପାଇଁ ଲାଭଦାୟକ। ଏସଏଚପି ପ୍ରକଳ୍ପ ଗୁଡ଼ିକ ଦୀର୍ଘସ୍ଥାୟୀ ହୋଇଥାଏ ଏବଂ କର୍ମସଂସ୍ଥାନ ସହାୟତା କରିବ, କାରଣ ପ୍ରକଳ୍ପଗୁଡ଼ିକର ସାଧାରଣତଃ ୪୦ ରୁ ୬୦ ବର୍ଷରୁ ଅଧିକ ହୋଇଥାଏ।
